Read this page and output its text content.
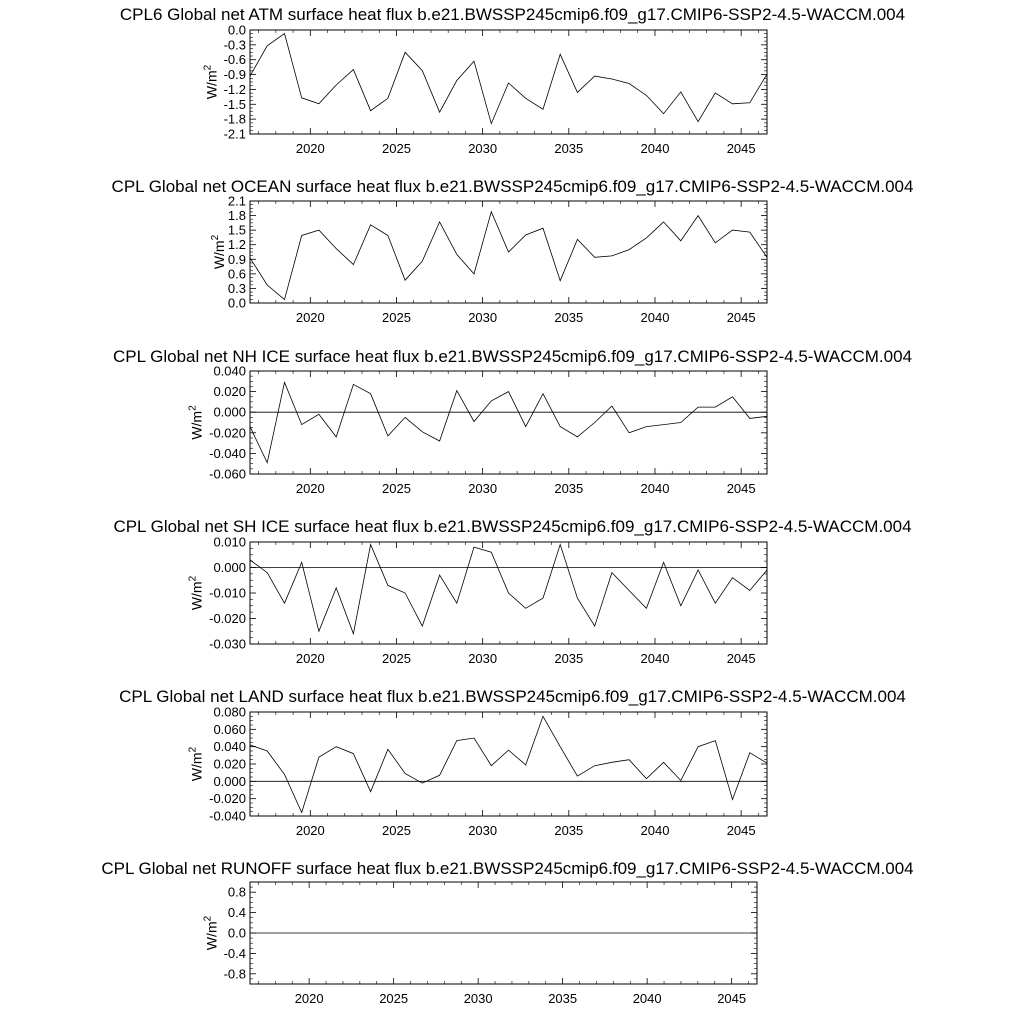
CPL6 Global net ATM surface heat flux b.e21.BWSSP245cmip6.f09_g17.CMIP6-SSP2-4.5-WACCM.004
2020	2025	2030	2035	2040	2045
0.0
-0.3
-0.6
-0.9
-1.2
-1.5
-1.8
-2.1
$W/m^2$
CPL Global net OCEAN surface heat flux b.e21.BWSSP245cmip6.f09_g17.CMIP6-SSP2-4.5-WACCM.004
2020	2025	2030	2035	2040	2045
0.0
0.3
0.6
0.9
1.2
1.5
1.8
2.1
$W/m^2$
CPL Global net NH ICE surface heat flux b.e21.BWSSP245cmip6.f09_g17.CMIP6-SSP2-4.5-WACCM.004
2020	2025	2030	2035	2040	2045
0.040
0.020
0.000
-0.020
-0.040
-0.060
$W/m^2$
CPL Global net SH ICE surface heat flux b.e21.BWSSP245cmip6.f09_g17.CMIP6-SSP2-4.5-WACCM.004
2020	2025	2030	2035	2040	2045
0.010
0.000
-0.010
-0.020
-0.030
$W/m^2$
CPL Global net LAND surface heat flux b.e21.BWSSP245cmip6.f09_g17.CMIP6-SSP2-4.5-WACCM.004
2020	2025	2030	2035	2040	2045
0.080
0.060
0.040
0.020
0.000
-0.020
-0.040
$W/m^2$
CPL Global net RUNOFF surface heat flux b.e21.BWSSP245cmip6.f09_g17.CMIP6-SSP2-4.5-WACCM.004
2020	2025	2030	2035	2040	2045
0.8
0.4
0.0
-0.4
-0.8
$W/m^2$
